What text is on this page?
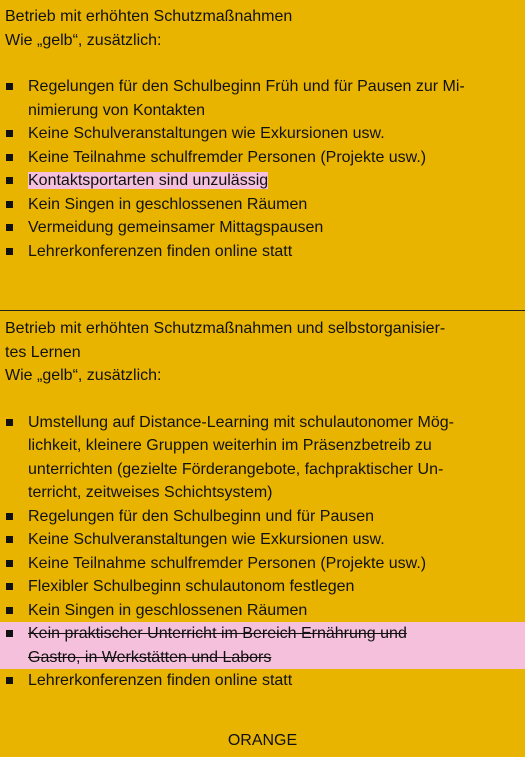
Betrieb mit erhöhten Schutzmaßnahmen
Wie „gelb“, zusätzlich:
Regelungen für den Schulbeginn Früh und für Pausen zur Mi-
nimierung von Kontakten
Keine Schulveranstaltungen wie Exkursionen usw.
Keine Teilnahme schulfremder Personen (Projekte usw.)
Kontaktsportarten sind unzulässig
Kein Singen in geschlossenen Räumen
Vermeidung gemeinsamer Mittagspausen
Lehrerkonferenzen finden online statt
Betrieb mit erhöhten Schutzmaßnahmen und selbstorganisier-
tes Lernen
Wie „gelb“, zusätzlich:
Umstellung auf Distance-Learning mit schulautonomer Mög-
lichkeit, kleinere Gruppen weiterhin im Präsenzbetreib zu
unterrichten (gezielte Förderangebote, fachpraktischer Un-
terricht, zeitweises Schichtsystem)
Regelungen für den Schulbeginn und für Pausen
Keine Schulveranstaltungen wie Exkursionen usw.
Keine Teilnahme schulfremder Personen (Projekte usw.)
Flexibler Schulbeginn schulautonom festlegen
Kein Singen in geschlossenen Räumen
Kein praktischer Unterricht im Bereich Ernährung und
Gastro, in Werkstätten und Labors
Lehrerkonferenzen finden online statt
ORANGE
